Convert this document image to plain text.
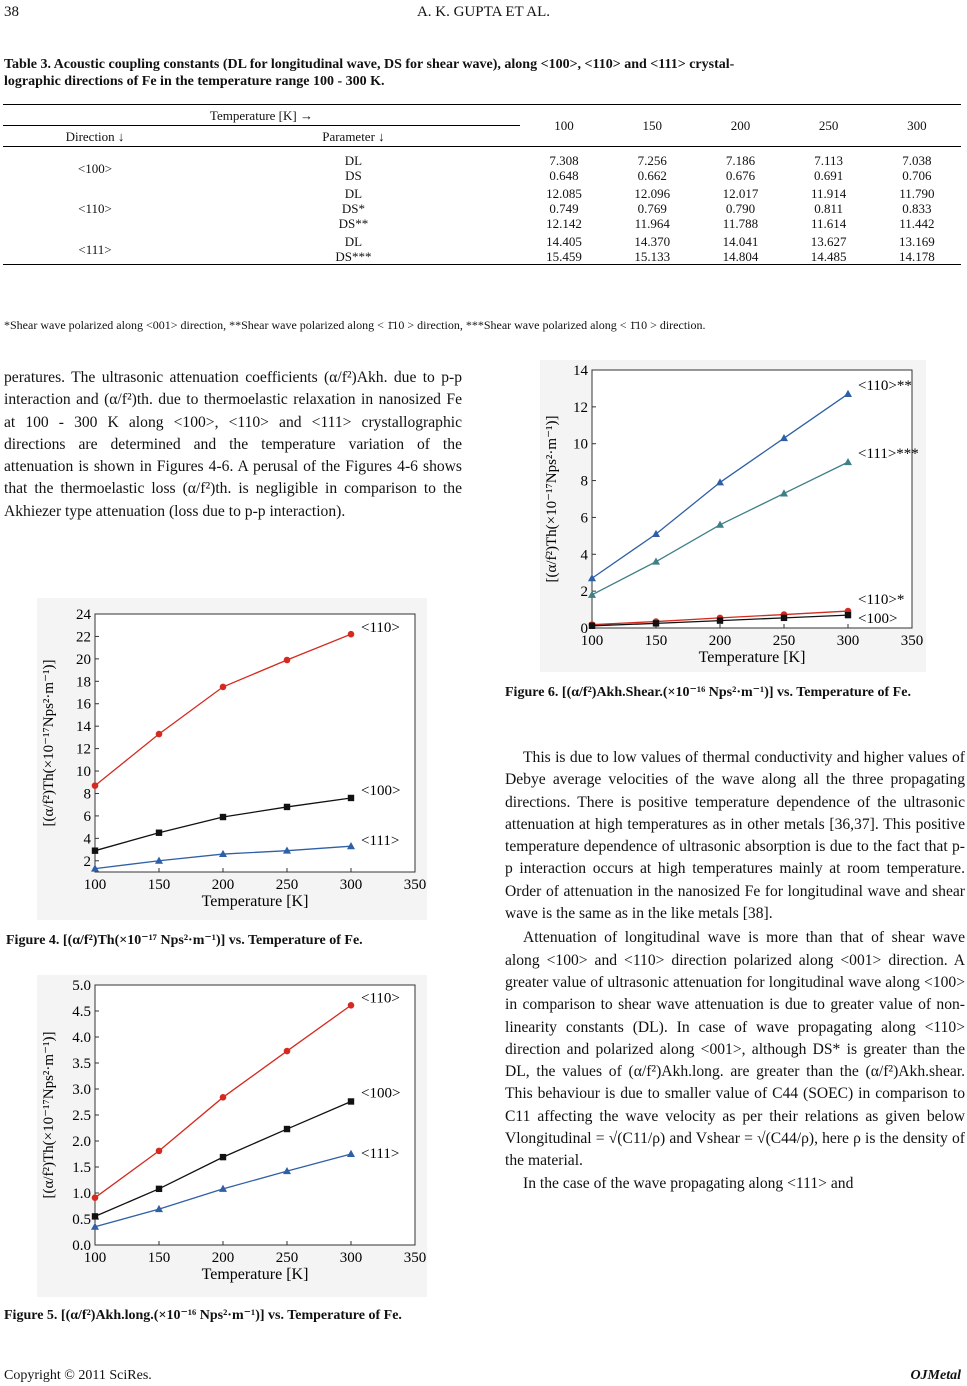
38	A. K. GUPTA ET AL.
Table 3. Acoustic coupling constants (DL for longitudinal wave, DS for shear wave), along <100>, <110> and <111> crystal-
lographic directions of Fe in the temperature range 100 - 300 K.
Temperature [K] →		100	150	200	250	300
Direction ↓	Parameter ↓					

<100>	DL	7.308	7.256	7.186	7.113	7.038
	DS	0.648	0.662	0.676	0.691	0.706

	DL	12.085	12.096	12.017	11.914	11.790
<110>	DS*	0.749	0.769	0.790	0.811	0.833
	DS**	12.142	11.964	11.788	11.614	11.442

<111>	DL	14.405	14.370	14.041	13.627	13.169
	DS***	15.459	15.133	14.804	14.485	14.178
*Shear wave polarized along <001> direction, **Shear wave polarized along < 1̄10 > direction, ***Shear wave polarized along < 1̄10 > direction.
peratures. The ultrasonic attenuation coefficients (α/f²)Akh. due to p-p interaction and (α/f²)th. due to thermoelastic relaxation in nanosized Fe at 100 - 300 K along <100>, <110> and <111> crystallographic directions are determined and the temperature variation of the attenuation is shown in Figures 4-6. A perusal of the Figures 4-6 shows that the thermoelastic loss (α/f²)th. is negligible in comparison to the Akhiezer type attenuation (loss due to p-p interaction).
100	150	200	250	300	350
2
4
6
8
10
12
14
16
18
20
22
24
Temperature [K]
[(α/f²)Th(×10⁻¹⁷Nps²·m⁻¹)]
<110>
<100>
<111>
Figure 4. [(α/f²)Th(×10⁻¹⁷ Nps²·m⁻¹)] vs. Temperature of Fe.
100	150	200	250	300	350
0.0
0.5
1.0
1.5
2.0
2.5
3.0
3.5
4.0
4.5
5.0
Temperature [K]
[(α/f²)Th(×10⁻¹⁷Nps²·m⁻¹)]
<110>
<100>
<111>
Figure 5. [(α/f²)Akh.long.(×10⁻¹⁶ Nps²·m⁻¹)] vs. Temperature of Fe.
100	150	200	250	300	350
0
2
4
6
8
10
12
14
Temperature [K]
[(α/f²)Th(×10⁻¹⁷Nps²·m⁻¹)]
<110>**
<111>***
<110>*
<100>
Figure 6. [(α/f²)Akh.Shear.(×10⁻¹⁶ Nps²·m⁻¹)] vs. Temperature of Fe.

This is due to low values of thermal conductivity and higher values of Debye average velocities of the wave along all the three propagating directions. There is positive temperature dependence of the ultrasonic attenuation at high temperatures as in other metals [36,37]. This positive temperature dependence of ultrasonic absorption is due to the fact that p-p interaction occurs at high temperatures mainly at room temperature. Order of attenuation in the nanosized Fe for longitudinal wave and shear wave is the same as in the like metals [38].

Attenuation of longitudinal wave is more than that of shear wave along <100> and <110> direction polarized along <001> direction. A greater value of ultrasonic attenuation for longitudinal wave along <100> in comparison to shear wave attenuation is due to greater value of non-linearity constants (DL). In case of wave propagating along <110> direction and polarized along <001>, although DS* is greater than the DL, the values of (α/f²)Akh.long. are greater than the (α/f²)Akh.shear. This behaviour is due to smaller value of C44 (SOEC) in comparison to C11 affecting the wave velocity as per their relations as given below Vlongitudinal = √(C11/ρ) and Vshear = √(C44/ρ), here ρ is the density of the material.

In the case of the wave propagating along <111> and

Copyright © 2011 SciRes.	OJMetal
